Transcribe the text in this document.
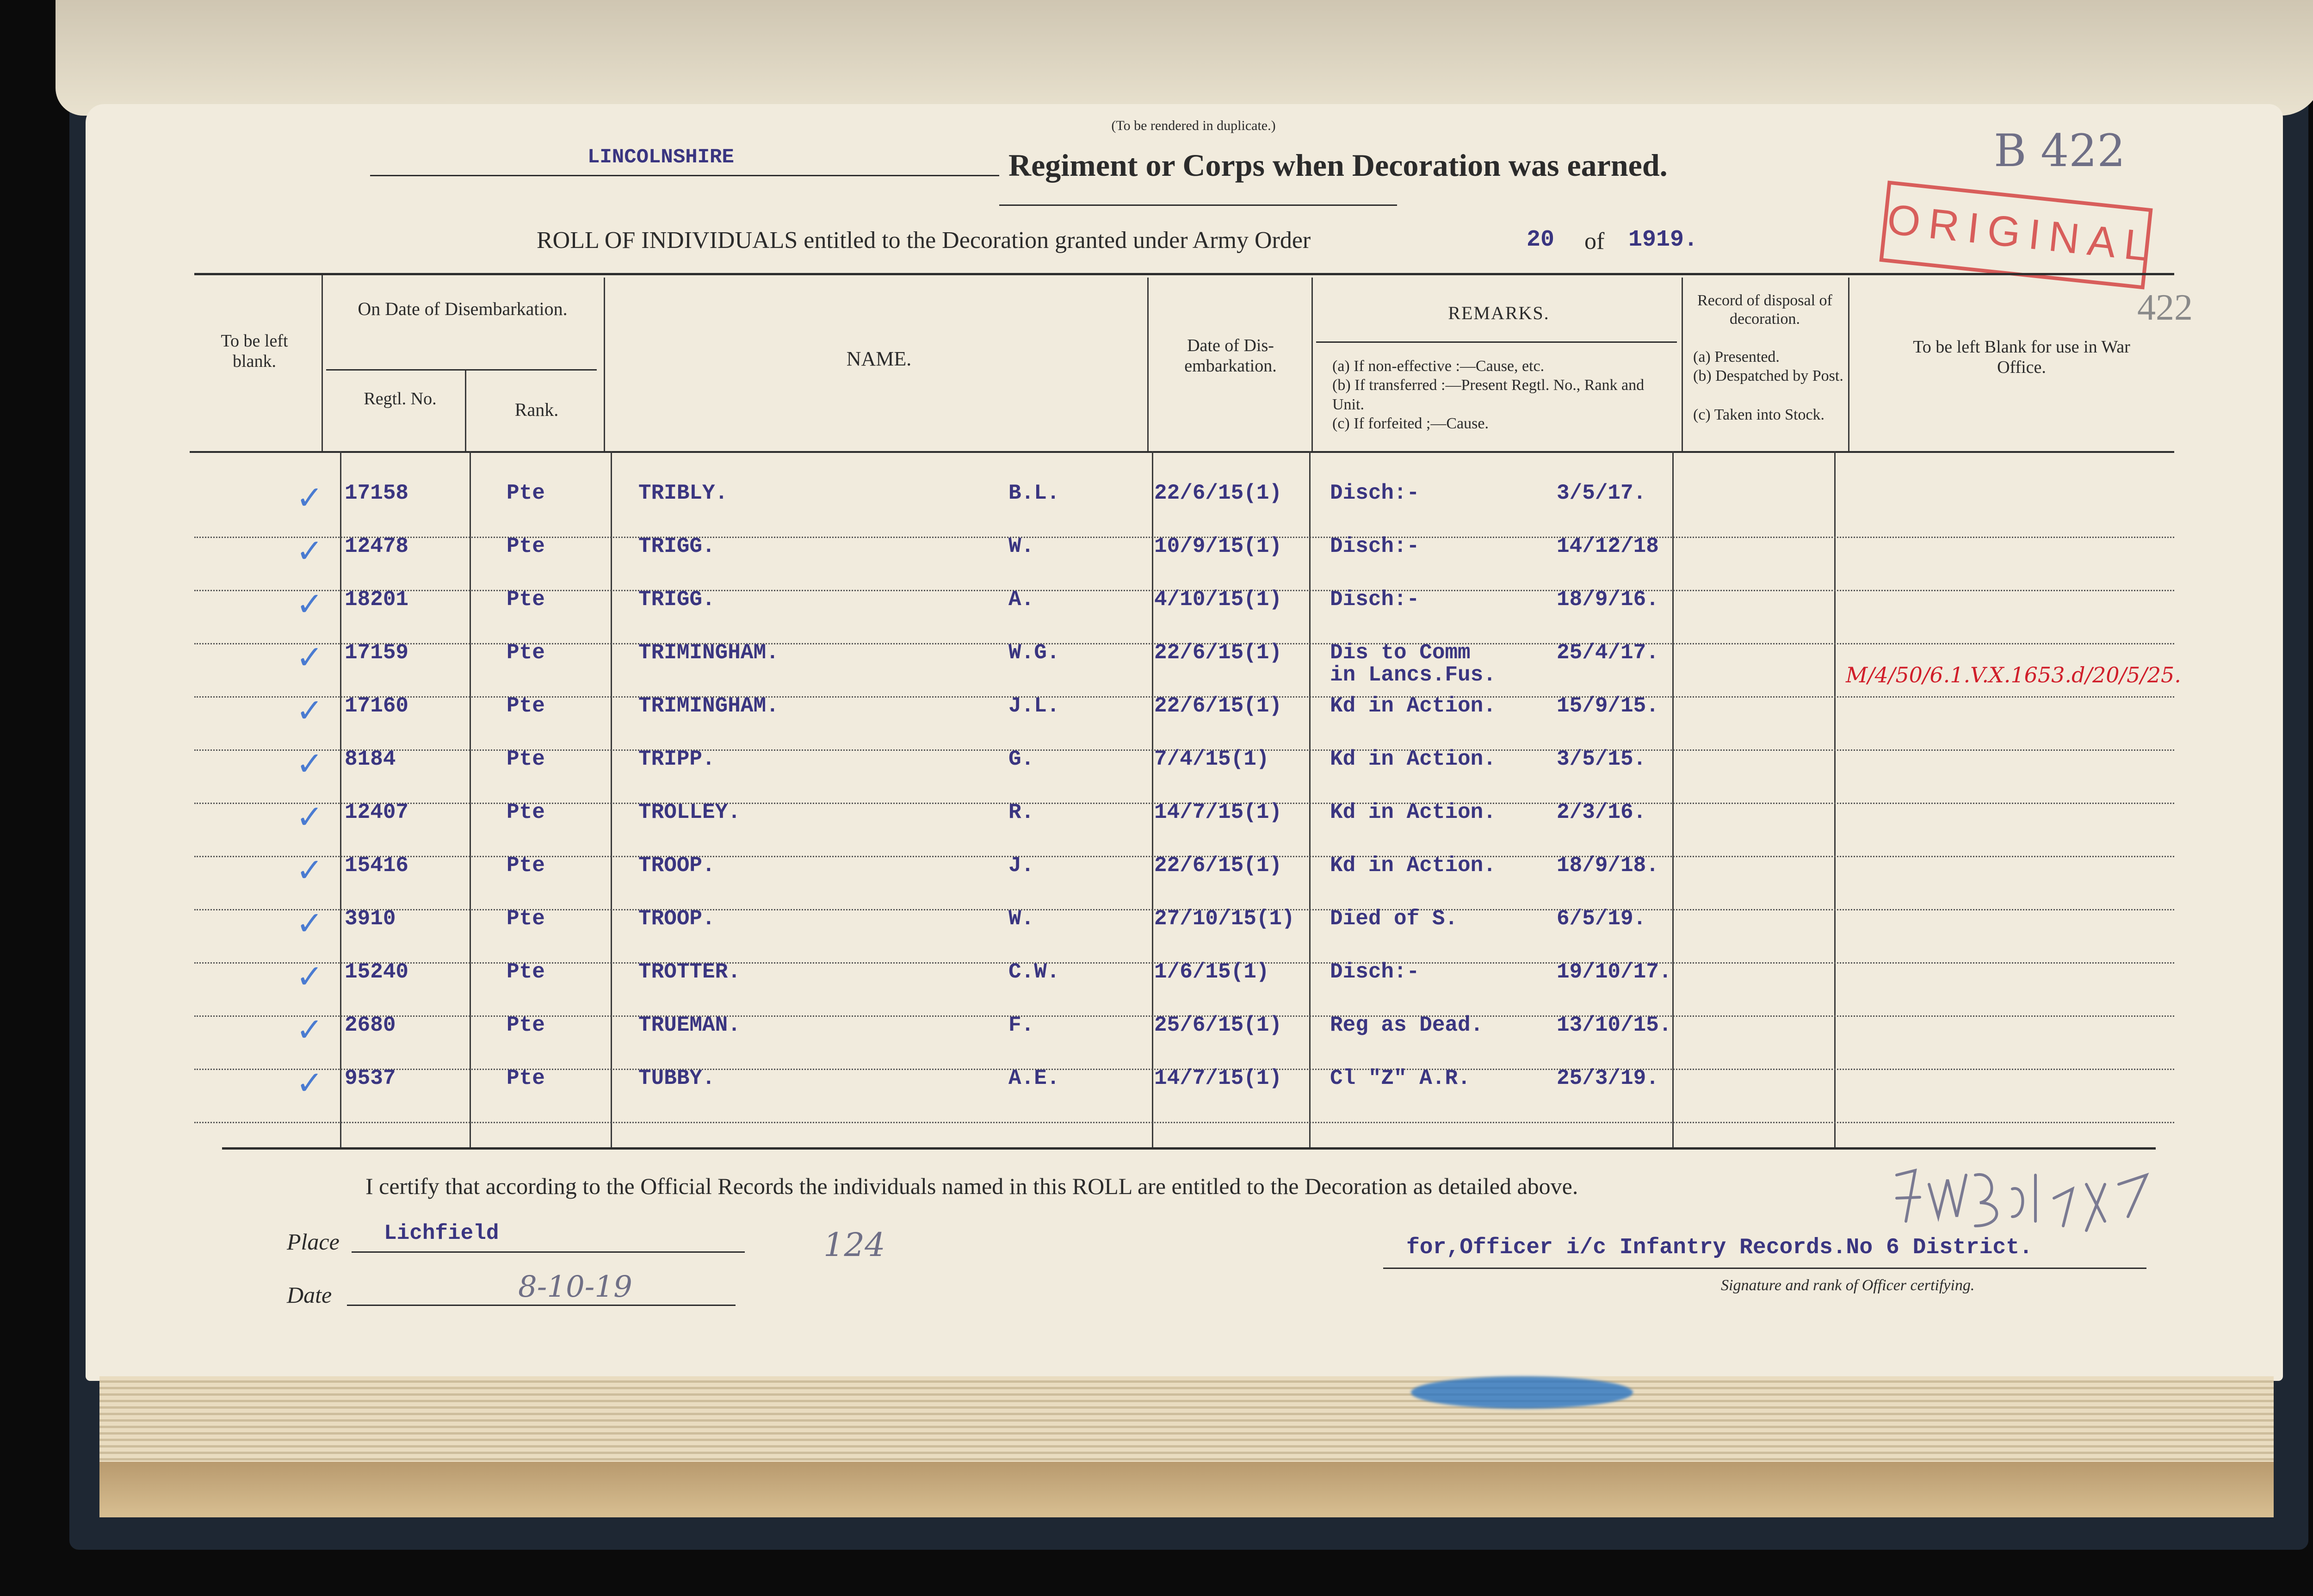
(To be rendered in duplicate.)
LINCOLNSHIRE	Regiment or Corps when Decoration was earned.	B 422
ORIGINAL
422
ROLL OF INDIVIDUALS entitled to the Decoration granted under Army Order	20 of 1919.
To be left blank.
On Date of Disembarkation.
Regtl. No.
Rank.
NAME.
Date of Dis-embarkation.
REMARKS.
(a) If non-effective :—Cause, etc.
(b) If transferred :—Present Regtl. No., Rank and Unit.
(c) If forfeited ;—Cause.
Record of disposal of decoration.
(a) Presented.
(b) Despatched by Post.
(c) Taken into Stock.
To be left Blank for use in War Office.
17158	Pte	TRIBLY.	B.L.	22/6/15(1) Disch:-	3/5/17.
✓
12478	Pte	TRIGG.	W.	10/9/15(1) Disch:-	14/12/18
✓
18201	Pte	TRIGG.	A.	4/10/15(1) Disch:-	18/9/16.
✓
17159	Pte	TRIMINGHAM.	W.G.	22/6/15(1) Dis to Comm	25/4/17.
in Lancs.Fus.
✓
17160	Pte	TRIMINGHAM.	J.L.	22/6/15(1) Kd in Action.	15/9/15.
✓
8184	Pte	TRIPP.	G.	7/4/15(1)	Kd in Action.	3/5/15.
✓
12407	Pte	TROLLEY.	R.	14/7/15(1) Kd in Action.	2/3/16.
✓
15416	Pte	TROOP.	J.	22/6/15(1) Kd in Action.	18/9/18.
✓
3910	Pte	TROOP.	W.	27/10/15(1) Died of S.	6/5/19.
✓
15240	Pte	TROTTER.	C.W.	1/6/15(1)	Disch:-	19/10/17.
✓
2680	Pte	TRUEMAN.	F.	25/6/15(1) Reg as Dead.	13/10/15.
✓
9537	Pte	TUBBY.	A.E.	14/7/15(1) Cl "Z" A.R.	25/3/19.
✓
M/4/50/6.1.V.X.1653.d/20/5/25.
I certify that according to the Official Records the individuals named in this ROLL are entitled to the Decoration as detailed above.
Place Lichfield
Date	8-10-19
124	for,Officer i/c Infantry Records.No 6 District.
Signature and rank of Officer certifying.
